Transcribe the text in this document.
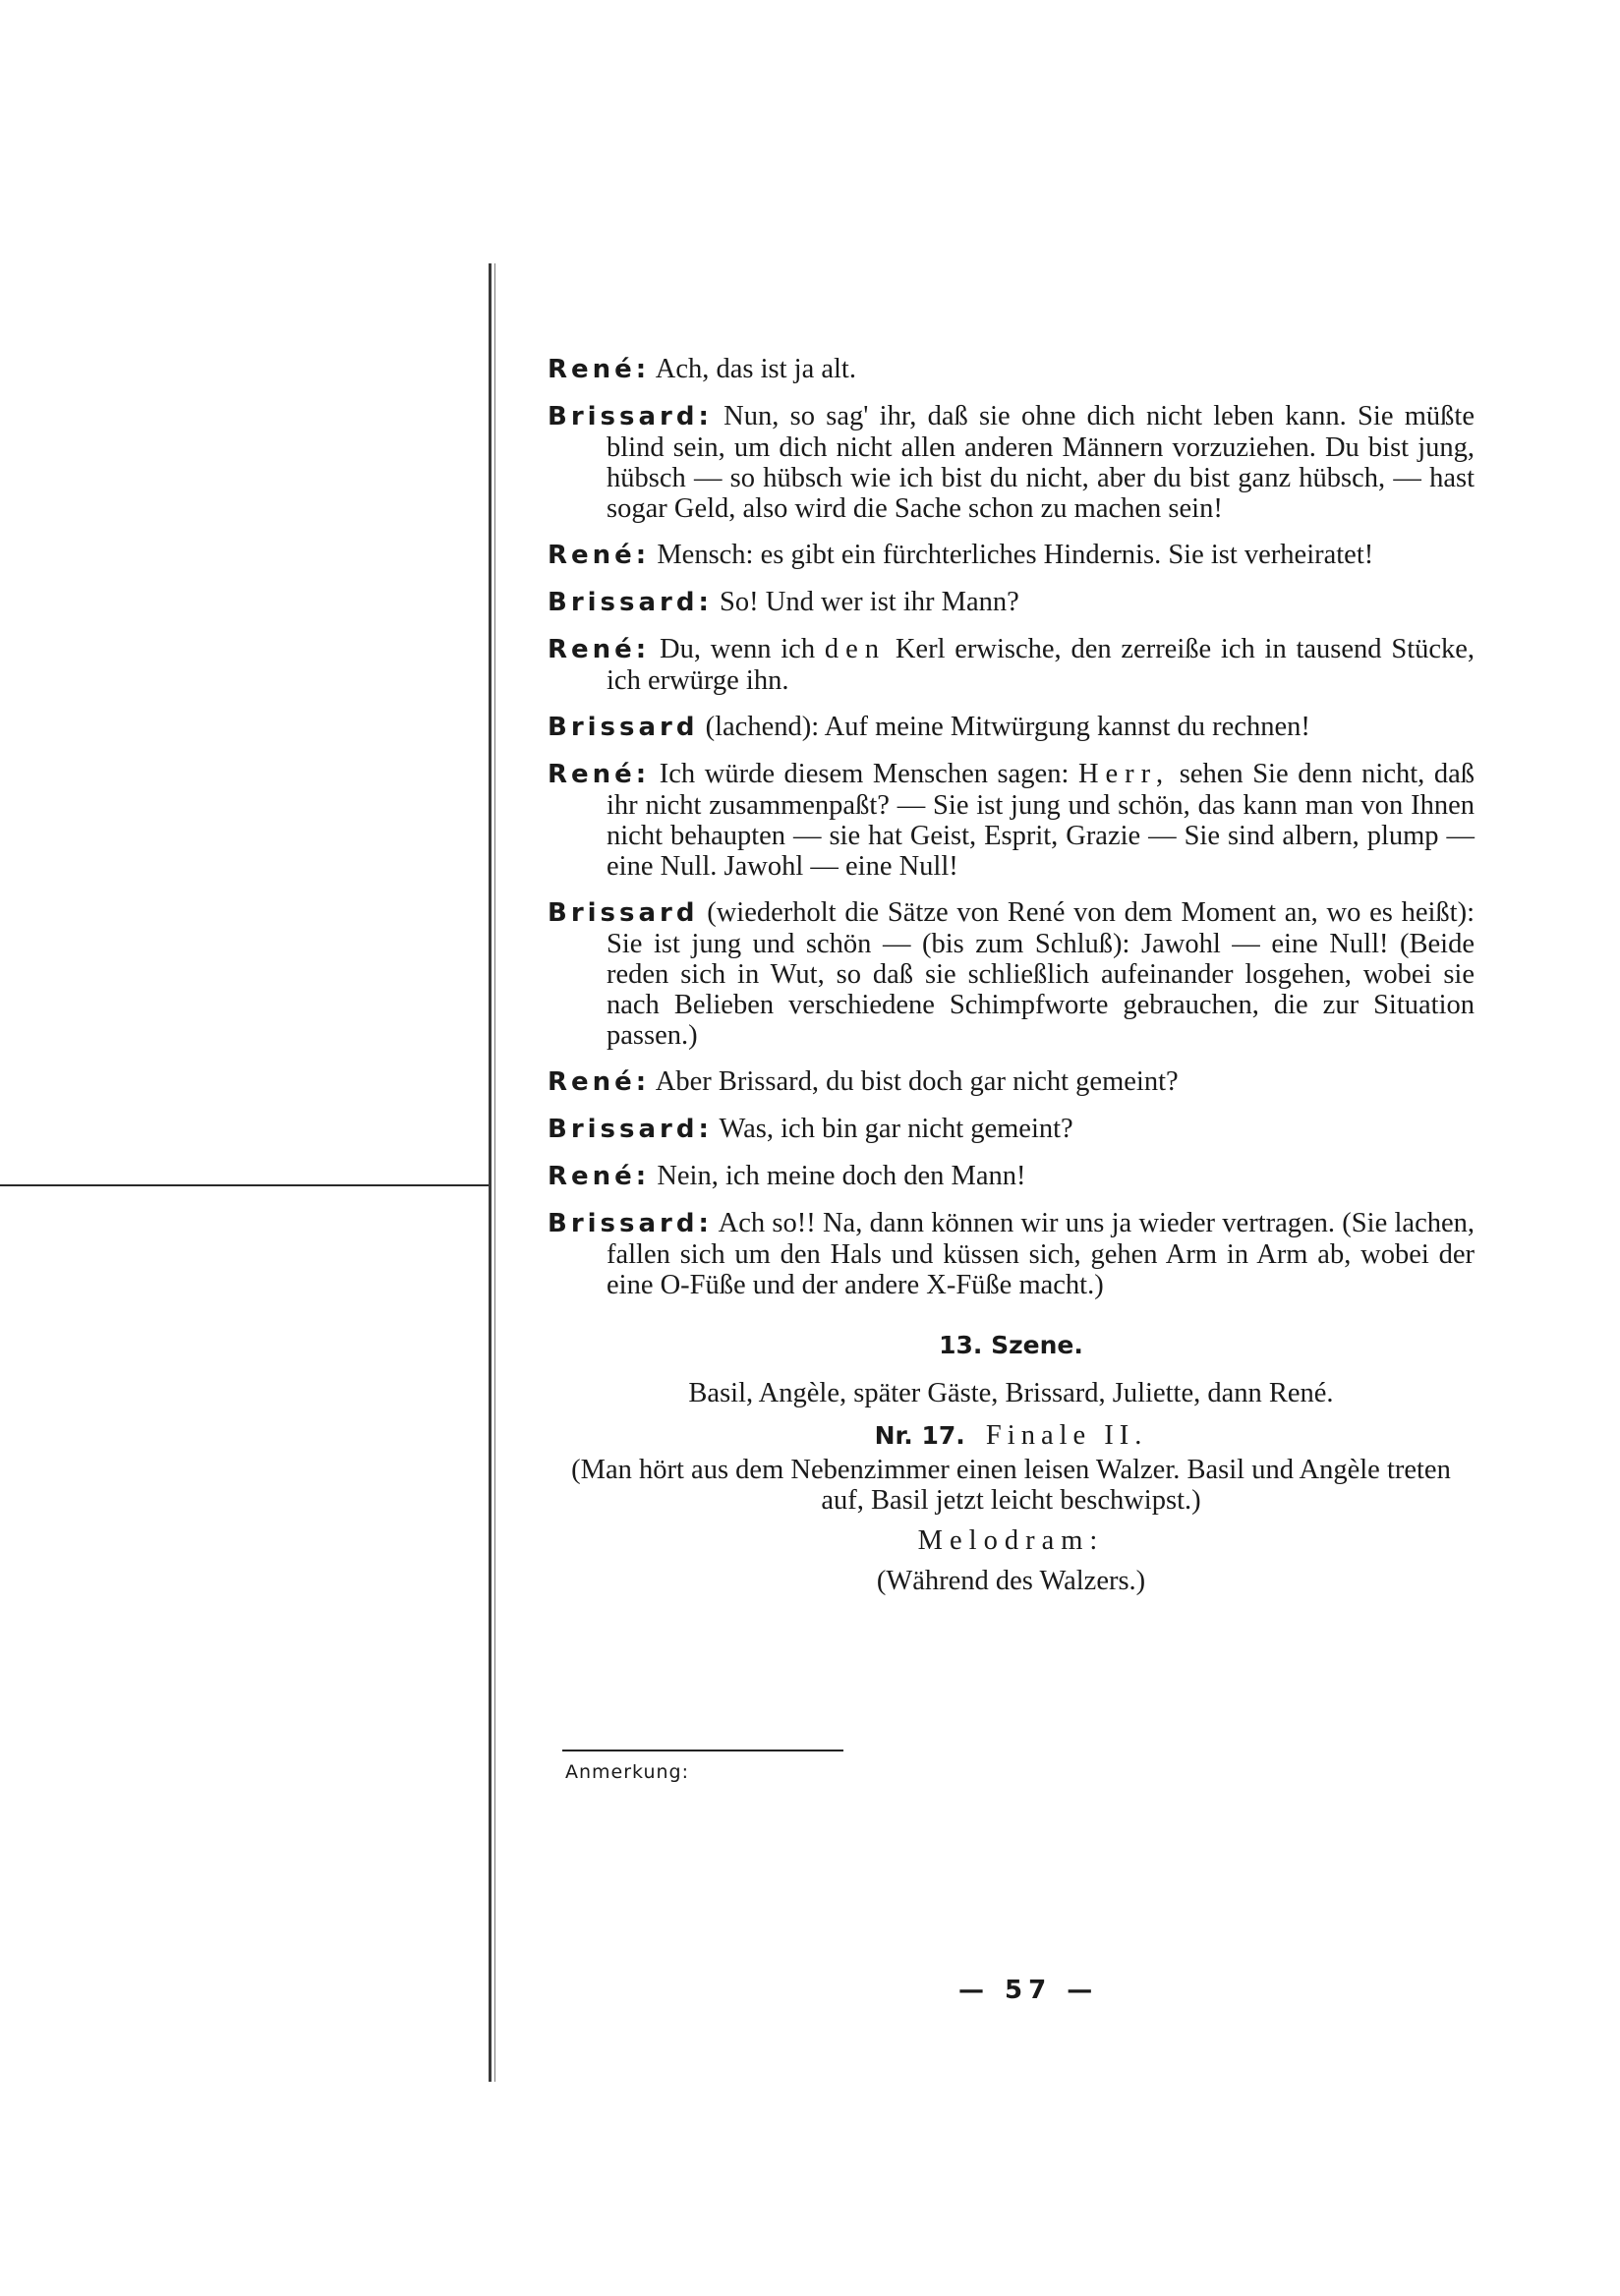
René: Ach, das ist ja alt.

Brissard: Nun, so sag' ihr, daß sie ohne dich nicht leben kann. Sie müßte blind sein, um dich nicht allen anderen Männern vorzuziehen. Du bist jung, hübsch — so hübsch wie ich bist du nicht, aber du bist ganz hübsch, — hast sogar Geld, also wird die Sache schon zu machen sein!

René: Mensch: es gibt ein fürchterliches Hindernis. Sie ist verheiratet!

Brissard: So! Und wer ist ihr Mann?

René: Du, wenn ich den Kerl erwische, den zerreiße ich in tausend Stücke, ich erwürge ihn.

Brissard (lachend): Auf meine Mitwürgung kannst du rechnen!

René: Ich würde diesem Menschen sagen: Herr, sehen Sie denn nicht, daß ihr nicht zusammenpaßt? — Sie ist jung und schön, das kann man von Ihnen nicht behaupten — sie hat Geist, Esprit, Grazie — Sie sind albern, plump — eine Null. Jawohl — eine Null!

Brissard (wiederholt die Sätze von René von dem Moment an, wo es heißt): Sie ist jung und schön — (bis zum Schluß): Jawohl — eine Null! (Beide reden sich in Wut, so daß sie schließlich aufeinander losgehen, wobei sie nach Belieben verschiedene Schimpfworte gebrauchen, die zur Situation passen.)

René: Aber Brissard, du bist doch gar nicht gemeint?

Brissard: Was, ich bin gar nicht gemeint?

René: Nein, ich meine doch den Mann!

Brissard: Ach so!! Na, dann können wir uns ja wieder vertragen. (Sie lachen, fallen sich um den Hals und küssen sich, gehen Arm in Arm ab, wobei der eine O-Füße und der andere X-Füße macht.)

13. Szene.

Basil, Angèle, später Gäste, Brissard, Juliette, dann René.

Nr. 17. Finale II.

(Man hört aus dem Nebenzimmer einen leisen Walzer. Basil und Angèle treten auf, Basil jetzt leicht beschwipst.)

Melodram:

(Während des Walzers.)

Anmerkung:
— 57 —
